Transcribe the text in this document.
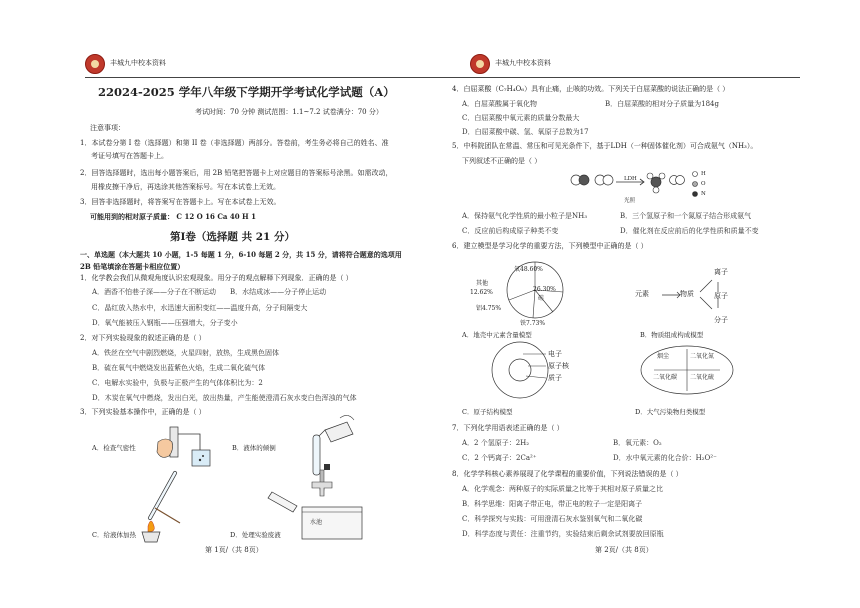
丰城九中校本资料
22024-2025 学年八年级下学期开学考试化学试题（A）
考试时间：70 分钟 测试范围：1.1~7.2 试卷满分：70 分）
注意事项：
1．本试卷分第 I 卷（选择题）和第 II 卷（非选择题）两部分。答卷前，考生务必将自己的姓名、准
考证号填写在答题卡上。
2．回答选择题时，选出每小题答案后，用 2B 铅笔把答题卡上对应题目的答案标号涂黑。如需改动，
用橡皮擦干净后，再选涂其他答案标号。写在本试卷上无效。
3．回答非选择题时，将答案写在答题卡上。写在本试卷上无效。
可能用到的相对原子质量： C 12 O 16 Ca 40 H 1
第Ⅰ卷（选择题 共 21 分）
一、单选题（本大题共 10 小题，1-5 每题 1 分，6-10 每题 2 分，共 15 分，请将符合题意的选项用
2B 铅笔填涂在答题卡相应位置）
1．化学教会我们从微观角度认识宏观现象。用分子的观点解释下列现象．正确的是（ ）
A．酒香不怕巷子深——分子在不断运动 B．水结成冰——分子停止运动
C．晶红放入热水中，水迅速大面积变红——温度升高，分子间隔变大
D．氧气能被压入钢瓶——压强增大，分子变小
2．对下列实验现象的叙述正确的是（ ）
A．铁丝在空气中剧烈燃烧，火星四射，放热，生成黑色固体
B．硫在氧气中燃烧发出蓝紫色火焰，生成二氧化硫气体
C．电解水实验中，负极与正极产生的气体体积比为：2
D．木炭在氧气中燃烧，发出白光，放出热量，产生能使澄清石灰水变白色浑浊的气体
3．下列实验基本操作中，正确的是（ ）
A．检查气密性	B．液体的倾倒
C．给液体加热
水池
D．处理实验废液
第 1页/（共 8页）
丰城九中校本资料
4．白屈菜酸（C₇H₄O₆）具有止痛，止咳的功效。下列关于白屈菜酸的说法正确的是（ ）
A．白屈菜酸属于氧化物	B．白屈菜酸的相对分子质量为184g
C．白屈菜酸中氧元素的质量分数最大
D．白屈菜酸中碳、氢、氧原子总数为17
5．中科院团队在常温、常压和可见光条件下，基于LDH（一种固体催化剂）可合成氨气（NH₃）。
下列叙述不正确的是（ ）
LDH
光照
H
O
N
A．保持氨气化学性质的最小粒子是NH₃	B．三个氢原子和一个氮原子结合形成氨气
C．反应前后构成原子种类不变	D．催化剂在反应前后的化学性质和质量不变
6．建立模型是学习化学的重要方法，下列模型中正确的是（ ）
氧48.60%
其他
12.62%	26.30%
硅
铝4.75%
铁7.73%
A．地壳中元素含量模型
元素	物质
离子
原子
分子
B．物质组成构成模型
电子
原子核
质子
C．原子结构模型
烟尘	二氧化氮
二氧化碳 二氧化硫
D．大气污染物归类模型
7．下列化学用语表述正确的是（ ）
A．2 个氢原子：2H₂	B．氧元素：O₂
C．2 个钙离子：2Ca²⁺	D．水中氧元素的化合价：H₂O²⁻
8．化学学科核心素养展现了化学课程的重要价值，下列说法错误的是（ ）
A．化学观念：两种原子的实际质量之比等于其相对原子质量之比
B．科学思维：阳离子带正电，带正电的粒子一定是阳离子
C．科学探究与实践：可用澄清石灰水鉴别氧气和二氧化碳
D．科学态度与责任：注重节约，实验结束后剩余试剂要放回原瓶
第 2页/（共 8页）
